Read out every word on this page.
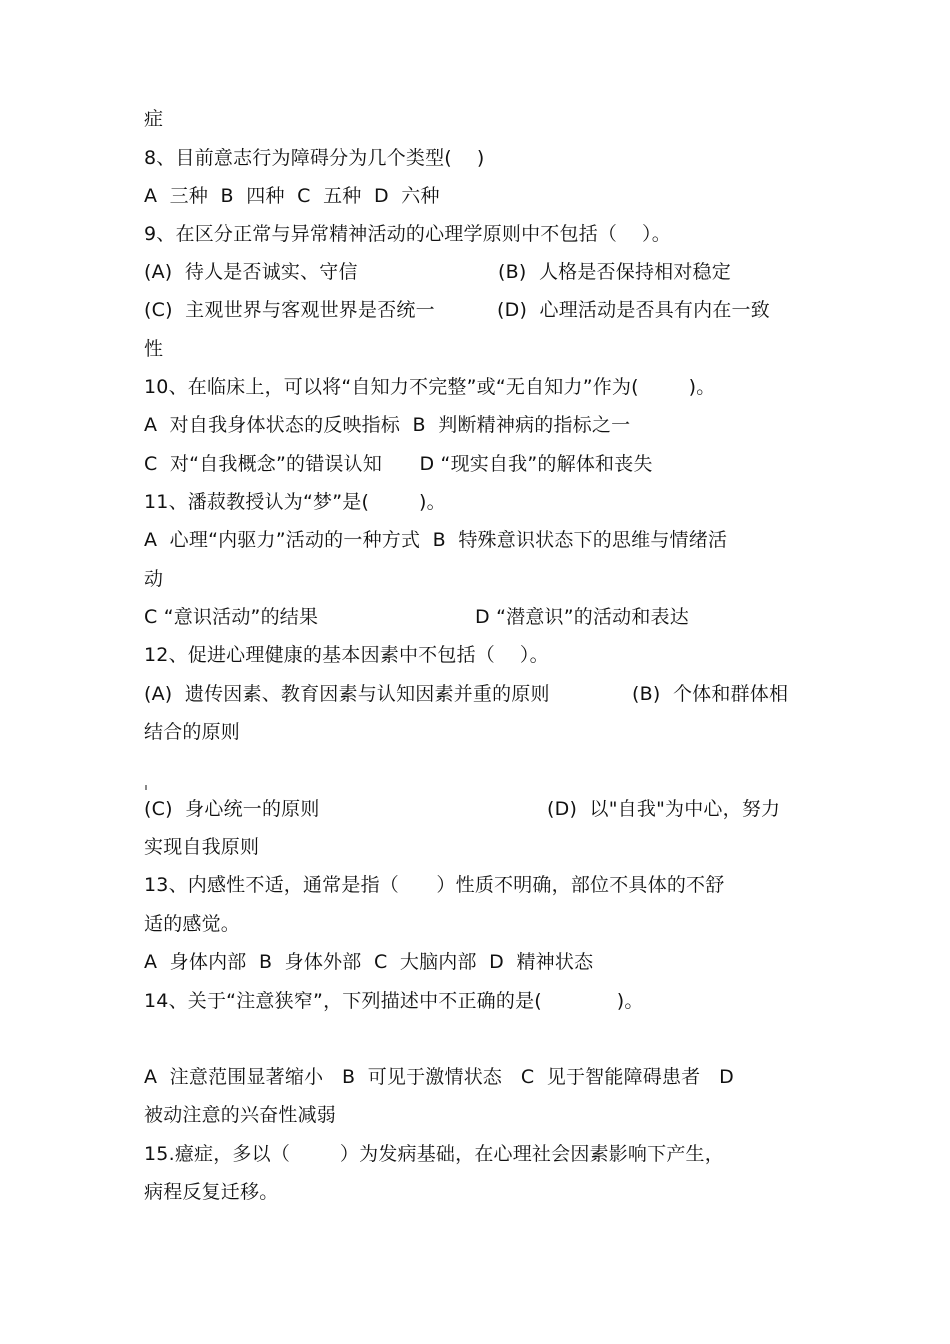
症
8、目前意志行为障碍分为几个类型(    )
A  三种  B  四种  C  五种  D  六种
9、在区分正常与异常精神活动的心理学原则中不包括（    ）。
(A)  待人是否诚实、守信	(B)  人格是否保持相对稳定
(C)  主观世界与客观世界是否统一	(D)  心理活动是否具有内在一致
性
10、在临床上，可以将“自知力不完整”或“无自知力”作为(        )。
A  对自我身体状态的反映指标  B  判断精神病的指标之一
C  对“自我概念”的错误认知      D “现实自我”的解体和丧失
11、潘菽教授认为“梦”是(        )。
A  心理“内驱力”活动的一种方式  B  特殊意识状态下的思维与情绪活
动
C “意识活动”的结果	D “潜意识”的活动和表达
12、促进心理健康的基本因素中不包括（    ）。
(A)  遗传因素、教育因素与认知因素并重的原则	(B)  个体和群体相
结合的原则
(C)  身心统一的原则	(D)  以"自我"为中心，努力
实现自我原则
13、内感性不适，通常是指（      ）性质不明确，部位不具体的不舒
适的感觉。
A  身体内部  B  身体外部  C  大脑内部  D  精神状态
14、关于“注意狭窄”，下列描述中不正确的是(            )。
A  注意范围显著缩小   B  可见于激情状态   C  见于智能障碍患者   D
被动注意的兴奋性减弱
15.癔症，多以（        ）为发病基础，在心理社会因素影响下产生，
病程反复迁移。
